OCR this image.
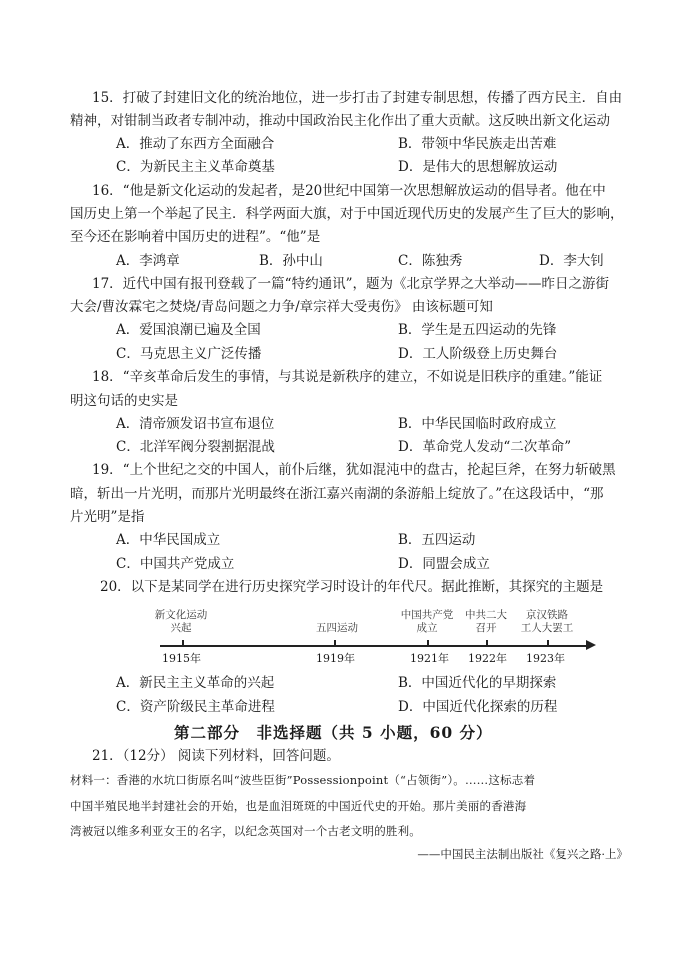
15．打破了封建旧文化的统治地位，进一步打击了封建专制思想，传播了西方民主．自由
精神，对钳制当政者专制冲动，推动中国政治民主化作出了重大贡献。这反映出新文化运动
A．推动了东西方全面融合	B．带领中华民族走出苦难
C．为新民主主义革命奠基	D．是伟大的思想解放运动
16．“他是新文化运动的发起者，是20世纪中国第一次思想解放运动的倡导者。他在中
国历史上第一个举起了民主．科学两面大旗，对于中国近现代历史的发展产生了巨大的影响，
至今还在影响着中国历史的进程”。“他”是
A．李鸿章	B．孙中山	C．陈独秀	D．李大钊
17．近代中国有报刊登载了一篇“特约通讯”，题为《北京学界之大举动——昨日之游街
大会/曹汝霖宅之焚烧/青岛问题之力争/章宗祥大受夷伤》 由该标题可知
A．爱国浪潮已遍及全国	B．学生是五四运动的先锋
C．马克思主义广泛传播	D．工人阶级登上历史舞台
18．“辛亥革命后发生的事情，与其说是新秩序的建立，不如说是旧秩序的重建。”能证
明这句话的史实是
A．清帝颁发诏书宣布退位	B．中华民国临时政府成立
C．北洋军阀分裂割据混战	D．革命党人发动“二次革命”
19．“上个世纪之交的中国人，前仆后继，犹如混沌中的盘古，抡起巨斧，在努力斩破黑
暗，斩出一片光明，而那片光明最终在浙江嘉兴南湖的条游船上绽放了。”在这段话中，“那
片光明”是指
A．中华民国成立	B．五四运动
C．中国共产党成立	D．同盟会成立
20．以下是某同学在进行历史探究学习时设计的年代尺。据此推断，其探究的主题是
新文化运动
兴起
1915年
五四运动
1919年
中国共产党
成立
1921年
中共二大
召开
1922年
京汉铁路
工人大罢工
1923年
A．新民主主义革命的兴起	B．中国近代化的早期探索
C．资产阶级民主革命进程	D．中国近代化探索的历程
第二部分　非选择题（共 5 小题，60 分）
21．（12分） 阅读下列材料，回答问题。
材料一：香港的水坑口街原名叫“波些臣街”Possessionpoint（“占领街”）。……这标志着
中国半殖民地半封建社会的开始，也是血泪斑斑的中国近代史的开始。那片美丽的香港海
湾被冠以维多利亚女王的名字，以纪念英国对一个古老文明的胜利。
——中国民主法制出版社《复兴之路·上》
